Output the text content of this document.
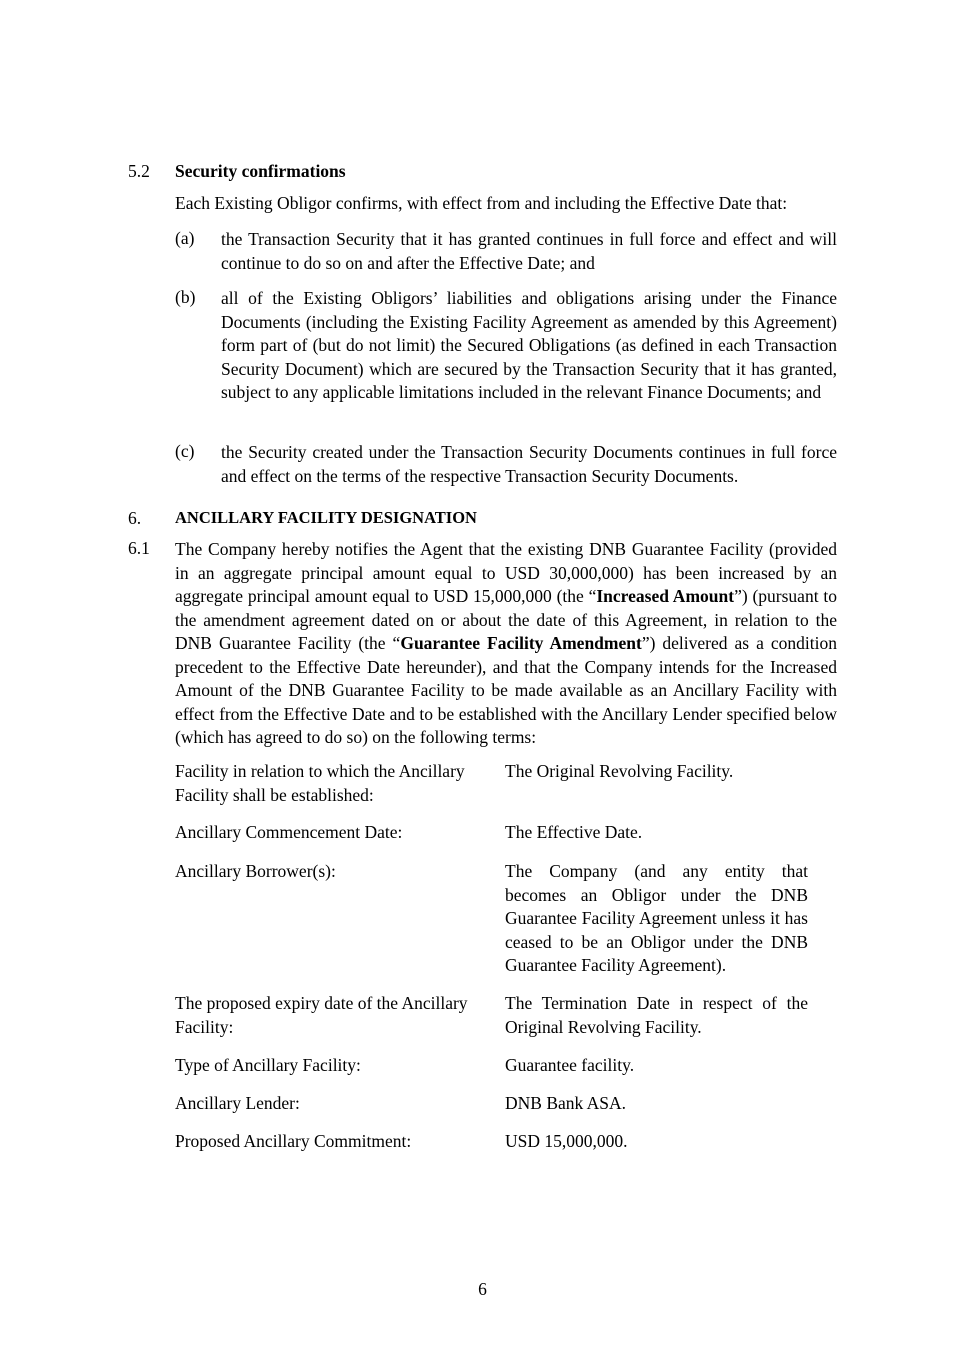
5.2 Security confirmations
Each Existing Obligor confirms, with effect from and including the Effective Date that:
(a) the Transaction Security that it has granted continues in full force and effect and will continue to do so on and after the Effective Date; and
(b) all of the Existing Obligors’ liabilities and obligations arising under the Finance Documents (including the Existing Facility Agreement as amended by this Agreement) form part of (but do not limit) the Secured Obligations (as defined in each Transaction Security Document) which are secured by the Transaction Security that it has granted, subject to any applicable limitations included in the relevant Finance Documents; and
(c) the Security created under the Transaction Security Documents continues in full force and effect on the terms of the respective Transaction Security Documents.
6. ANCILLARY FACILITY DESIGNATION
6.1 The Company hereby notifies the Agent that the existing DNB Guarantee Facility (provided in an aggregate principal amount equal to USD 30,000,000) has been increased by an aggregate principal amount equal to USD 15,000,000 (the “Increased Amount”) (pursuant to the amendment agreement dated on or about the date of this Agreement, in relation to the DNB Guarantee Facility (the “Guarantee Facility Amendment”) delivered as a condition precedent to the Effective Date hereunder), and that the Company intends for the Increased Amount of the DNB Guarantee Facility to be made available as an Ancillary Facility with effect from the Effective Date and to be established with the Ancillary Lender specified below (which has agreed to do so) on the following terms:
Facility in relation to which the Ancillary Facility shall be established:
The Original Revolving Facility.
Ancillary Commencement Date:	The Effective Date.
Ancillary Borrower(s):	The Company (and any entity that becomes an Obligor under the DNB Guarantee Facility Agreement unless it has ceased to be an Obligor under the DNB Guarantee Facility Agreement).
The proposed expiry date of the Ancillary Facility:
The Termination Date in respect of the Original Revolving Facility.
Type of Ancillary Facility:	Guarantee facility.
Ancillary Lender:	DNB Bank ASA.
Proposed Ancillary Commitment:	USD 15,000,000.
6
